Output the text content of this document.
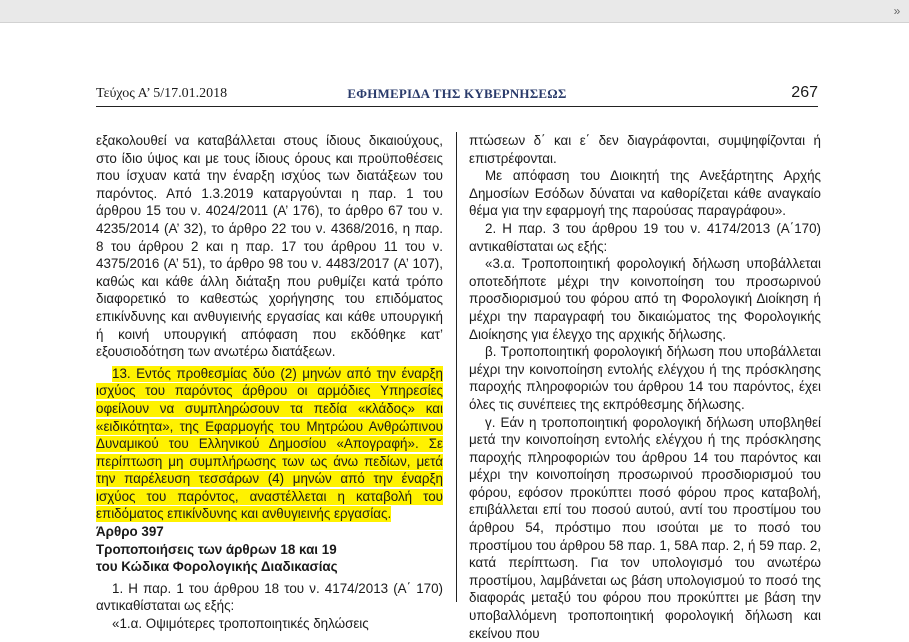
»
Τεύχος Α’ 5/17.01.2018	ΕΦΗΜΕΡΙΔΑ ΤΗΣ ΚΥΒΕΡΝΗΣΕΩΣ	267

εξακολουθεί να καταβάλλεται στους ίδιους δικαιούχους, στο ίδιο ύψος και με τους ίδιους όρους και προϋποθέσεις που ίσχυαν κατά την έναρξη ισχύος των διατάξεων του παρόντος. Από 1.3.2019 καταργούνται η παρ. 1 του άρθρου 15 του ν. 4024/2011 (Α’ 176), το άρθρο 67 του ν. 4235/2014 (Α’ 32), το άρθρο 22 του ν. 4368/2016, η παρ. 8 του άρθρου 2 και η παρ. 17 του άρθρου 11 του ν. 4375/2016 (Α’ 51), το άρθρο 98 του ν. 4483/2017 (Α’ 107), καθώς και κάθε άλλη διάταξη που ρυθμίζει κατά τρόπο διαφορετικό το καθεστώς χορήγησης του επιδόματος επικίνδυνης και ανθυγιεινής εργασίας και κάθε υπουργική ή κοινή υπουργική απόφαση που εκδόθηκε κατ’ εξουσιοδότηση των ανωτέρω διατάξεων.

13. Εντός προθεσμίας δύο (2) μηνών από την έναρξη ισχύος του παρόντος άρθρου οι αρμόδιες Υπηρεσίες οφείλουν να συμπληρώσουν τα πεδία «κλάδος» και «ειδικότητα», της Εφαρμογής του Μητρώου Ανθρώπινου Δυναμικού του Ελληνικού Δημοσίου «Απογραφή». Σε περίπτωση μη συμπλήρωσης των ως άνω πεδίων, μετά την παρέλευση τεσσάρων (4) μηνών από την έναρξη ισχύος του παρόντος, αναστέλλεται η καταβολή του επιδόματος επικίνδυνης και ανθυγιεινής εργασίας.

Άρθρο 397

Τροποποιήσεις των άρθρων 18 και 19

του Κώδικα Φορολογικής Διαδικασίας

1. Η παρ. 1 του άρθρου 18 του ν. 4174/2013 (Α΄ 170) αντικαθίσταται ως εξής:

«1.α. Οψιμότερες τροποποιητικές δηλώσεις

πτώσεων δ΄ και ε΄ δεν διαγράφονται, συμψηφίζονται ή επιστρέφονται.

Με απόφαση του Διοικητή της Ανεξάρτητης Αρχής Δημοσίων Εσόδων δύναται να καθορίζεται κάθε αναγκαίο θέμα για την εφαρμογή της παρούσας παραγράφου».

2. Η παρ. 3 του άρθρου 19 του ν. 4174/2013 (Α΄170) αντικαθίσταται ως εξής:

«3.α. Τροποποιητική φορολογική δήλωση υποβάλλεται οποτεδήποτε μέχρι την κοινοποίηση του προσωρινού προσδιορισμού του φόρου από τη Φορολογική Διοίκηση ή μέχρι την παραγραφή του δικαιώματος της Φορολογικής Διοίκησης για έλεγχο της αρχικής δήλωσης.

β. Τροποποιητική φορολογική δήλωση που υποβάλλεται μέχρι την κοινοποίηση εντολής ελέγχου ή της πρόσκλησης παροχής πληροφοριών του άρθρου 14 του παρόντος, έχει όλες τις συνέπειες της εκπρόθεσμης δήλωσης.

γ. Εάν η τροποποιητική φορολογική δήλωση υποβληθεί μετά την κοινοποίηση εντολής ελέγχου ή της πρόσκλησης παροχής πληροφοριών του άρθρου 14 του παρόντος και μέχρι την κοινοποίηση προσωρινού προσδιορισμού του φόρου, εφόσον προκύπτει ποσό φόρου προς καταβολή, επιβάλλεται επί του ποσού αυτού, αντί του προστίμου του άρθρου 54, πρόστιμο που ισούται με το ποσό του προστίμου του άρθρου 58 παρ. 1, 58Α παρ. 2, ή 59 παρ. 2, κατά περίπτωση. Για τον υπολογισμό του ανωτέρω προστίμου, λαμβάνεται ως βάση υπολογισμού το ποσό της διαφοράς μεταξύ του φόρου που προκύπτει με βάση την υποβαλλόμενη τροποποιητική φορολογική δήλωση και εκείνου που
